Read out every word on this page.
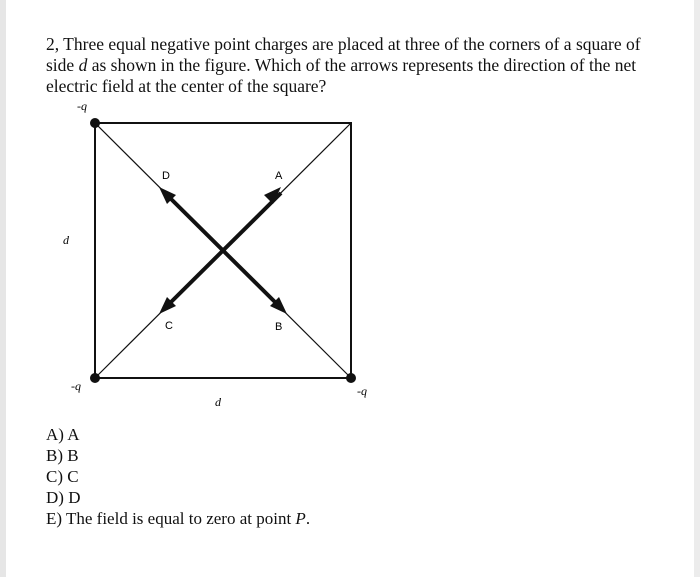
2, Three equal negative point charges are placed at three of the corners of a square of side d as shown in the figure. Which of the arrows represents the direction of the net electric field at the center of the square?
-q
-q	-q
d
d
D	A
C	B
A) A
B) B
C) C
D) D
E) The field is equal to zero at point P.
